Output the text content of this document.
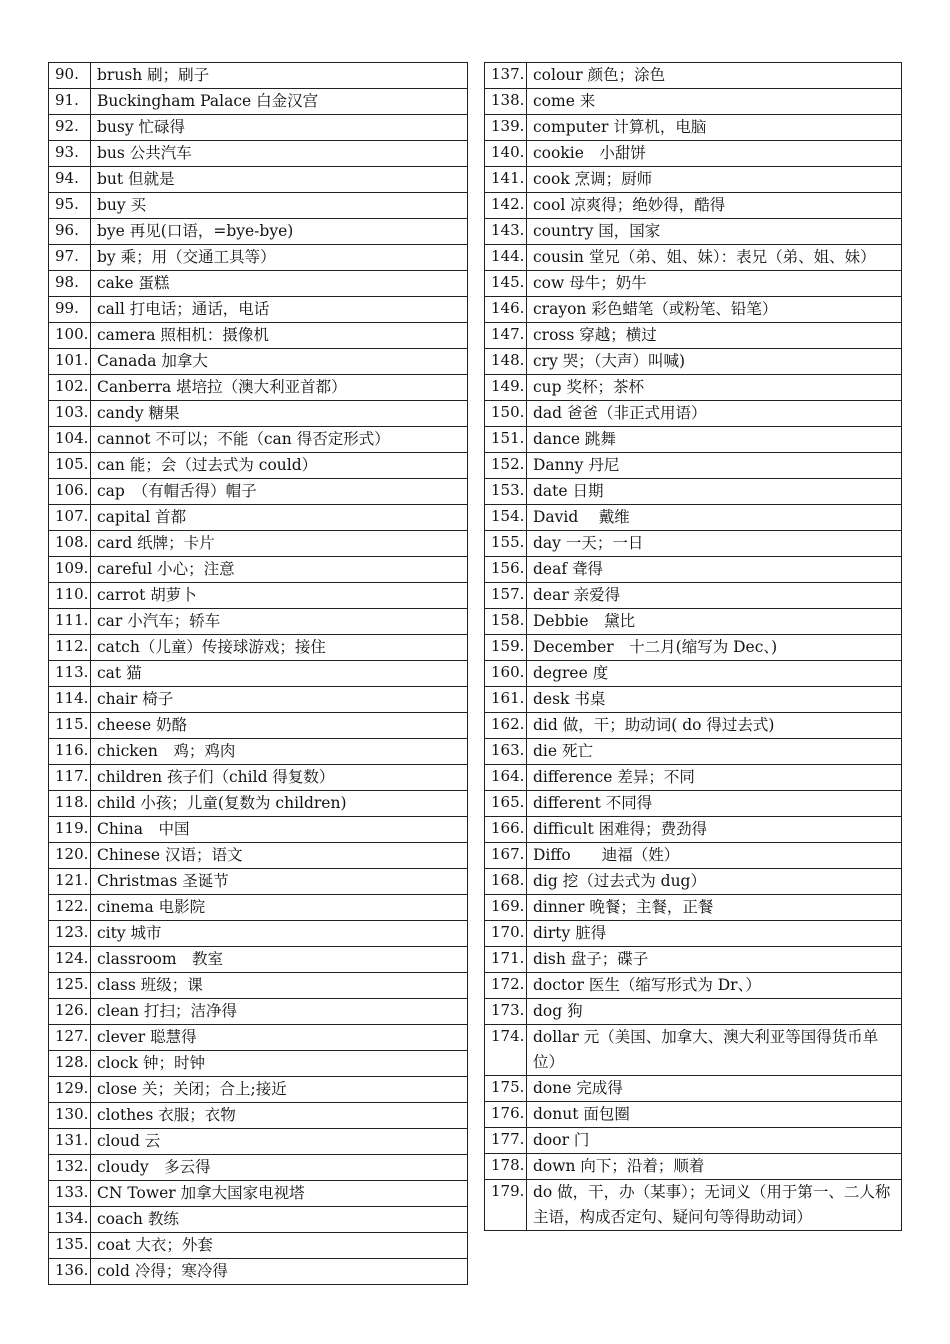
90.	brush 刷；刷子
91.	Buckingham Palace 白金汉宫
92.	busy 忙碌得
93.	bus 公共汽车
94.	but 但就是
95.	buy 买
96.	bye 再见(口语，=bye-bye)
97.	by 乘；用（交通工具等）
98.	cake 蛋糕
99.	call 打电话；通话，电话
100.	camera 照相机：摄像机
101.	Canada 加拿大
102.	Canberra 堪培拉（澳大利亚首都）
103.	candy 糖果
104.	cannot 不可以；不能（can 得否定形式）
105.	can 能；会（过去式为 could）
106.	cap　（有帽舌得）帽子
107.	capital 首都
108.	card 纸牌；卡片
109.	careful 小心；注意
110.	carrot 胡萝卜
111.	car 小汽车；轿车
112.	catch（儿童）传接球游戏；接住
113.	cat 猫
114.	chair 椅子
115.	cheese 奶酪
116.	chicken　鸡；鸡肉
117.	children 孩子们（child 得复数）
118.	child 小孩；儿童(复数为 children)
119.	China　中国
120.	Chinese 汉语；语文
121.	Christmas 圣诞节
122.	cinema 电影院
123.	city 城市
124.	classroom　教室
125.	class 班级；课
126.	clean 打扫；洁净得
127.	clever 聪慧得
128.	clock 钟；时钟
129.	close 关；关闭；合上;接近
130.	clothes 衣服；衣物
131.	cloud 云
132.	cloudy　多云得
133.	CN Tower 加拿大国家电视塔
134.	coach 教练
135.	coat 大衣；外套
136.	cold 冷得；寒冷得
137.	colour 颜色；涂色
138.	come 来
139.	computer 计算机，电脑
140.	cookie　小甜饼
141.	cook 烹调；厨师
142.	cool 凉爽得；绝妙得，酷得
143.	country 国，国家
144.	cousin 堂兄（弟、姐、妹）：表兄（弟、姐、妹）
145.	cow 母牛；奶牛
146.	crayon 彩色蜡笔（或粉笔、铅笔）
147.	cross 穿越；横过
148.	cry 哭；（大声）叫喊)
149.	cup 奖杯；茶杯
150.	dad 爸爸（非正式用语）
151.	dance 跳舞
152.	Danny 丹尼
153.	date 日期
154.	David　 戴维
155.	day 一天；一日
156.	deaf 聋得
157.	dear 亲爱得
158.	Debbie　黛比
159.	December　十二月(缩写为 Dec、)
160.	degree 度
161.	desk 书桌
162.	did 做，干；助动词( do 得过去式)
163.	die 死亡
164.	difference 差异；不同
165.	different 不同得
166.	difficult 困难得；费劲得
167.	Diffo　　迪福（姓）
168.	dig 挖（过去式为 dug）
169.	dinner 晚餐；主餐，正餐
170.	dirty 脏得
171.	dish 盘子；碟子
172.	doctor 医生（缩写形式为 Dr、）
173.	dog 狗
174.	dollar 元（美国、加拿大、澳大利亚等国得货币单位）
175.	done 完成得
176.	donut 面包圈
177.	door 门
178.	down 向下；沿着；顺着
179.	do 做，干，办（某事）；无词义（用于第一、二人称主语，构成否定句、疑问句等得助动词）
